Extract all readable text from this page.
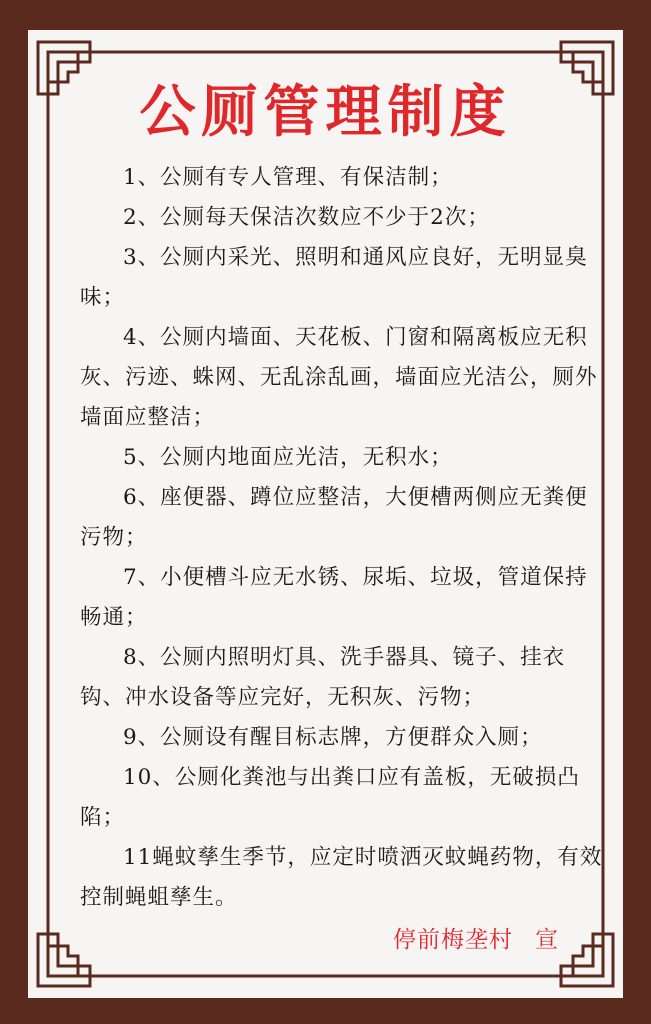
公厕管理制度
1、公厕有专人管理、有保洁制；
2、公厕每天保洁次数应不少于2次；
3、公厕内采光、照明和通风应良好，无明显臭味；
4、公厕内墙面、天花板、门窗和隔离板应无积灰、污迹、蛛网、无乱涂乱画，墙面应光洁公，厕外墙面应整洁；
5、公厕内地面应光洁，无积水；
6、座便器、蹲位应整洁，大便槽两侧应无粪便污物；
7、小便槽斗应无水锈、尿垢、垃圾，管道保持畅通；
8、公厕内照明灯具、洗手器具、镜子、挂衣钩、冲水设备等应完好，无积灰、污物；
9、公厕设有醒目标志牌，方便群众入厕；
10、公厕化粪池与出粪口应有盖板，无破损凸陷；
11蝇蚊孳生季节，应定时喷洒灭蚊蝇药物，有效控制蝇蛆孳生。
停前梅垄村 宣
